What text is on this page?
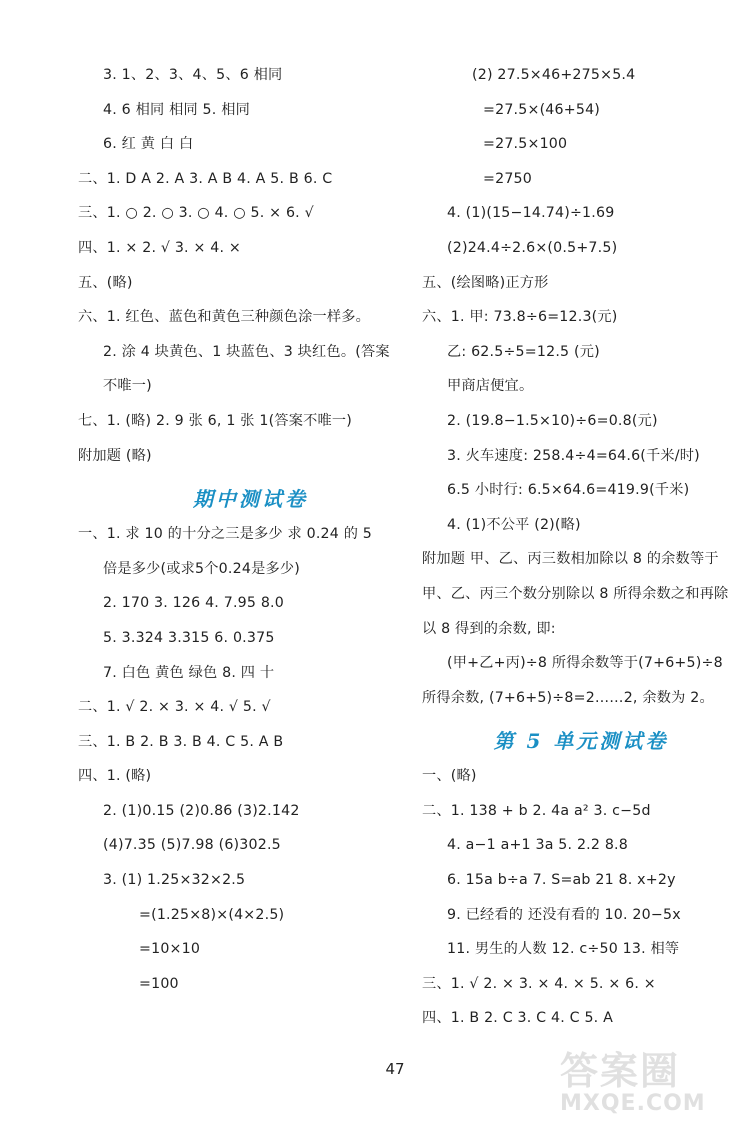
3. 1、2、3、4、5、6 相同
4. 6 相同 相同 5. 相同
6. 红 黄 白 白
二、1. D A 2. A 3. A B 4. A 5. B 6. C
三、1. ○ 2. ○ 3. ○ 4. ○ 5. × 6. √
四、1. × 2. √ 3. × 4. ×
五、(略)
六、1. 红色、蓝色和黄色三种颜色涂一样多。
2. 涂 4 块黄色、1 块蓝色、3 块红色。(答案
不唯一)
七、1. (略) 2. 9 张 6, 1 张 1(答案不唯一)
附加题 (略)
期中测试卷
一、1. 求 10 的十分之三是多少 求 0.24 的 5
倍是多少(或求5个0.24是多少)
2. 170 3. 126 4. 7.95 8.0
5. 3.324 3.315 6. 0.375
7. 白色 黄色 绿色 8. 四 十
二、1. √ 2. × 3. × 4. √ 5. √
三、1. B 2. B 3. B 4. C 5. A B
四、1. (略)
2. (1)0.15 (2)0.86 (3)2.1̇4̇2
(4)7.35 (5)7.98 (6)302.5
3. (1) 1.25×32×2.5
=(1.25×8)×(4×2.5)
=10×10
=100
(2) 27.5×46+275×5.4
=27.5×(46+54)
=27.5×100
=2750
4. (1)(15−14.74)÷1.69
(2)24.4÷2.6×(0.5+7.5)
五、(绘图略)正方形
六、1. 甲: 73.8÷6=12.3(元)
乙: 62.5÷5=12.5 (元)
甲商店便宜。
2. (19.8−1.5×10)÷6=0.8(元)
3. 火车速度: 258.4÷4=64.6(千米/时)
6.5 小时行: 6.5×64.6=419.9(千米)
4. (1)不公平 (2)(略)
附加题 甲、乙、丙三数相加除以 8 的余数等于
甲、乙、丙三个数分别除以 8 所得余数之和再除
以 8 得到的余数, 即:
(甲+乙+丙)÷8 所得余数等于(7+6+5)÷8
所得余数, (7+6+5)÷8=2……2, 余数为 2。
第 5 单元测试卷
一、(略)
二、1. 138 + b 2. 4a a² 3. c−5d
4. a−1 a+1 3a 5. 2.2 8.8
6. 15a b÷a 7. S=ab 21 8. x+2y
9. 已经看的 还没有看的 10. 20−5x
11. 男生的人数 12. c÷50 13. 相等
三、1. √ 2. × 3. × 4. × 5. × 6. ×
四、1. B 2. C 3. C 4. C 5. A
47	答案圈
MXQE.COM
